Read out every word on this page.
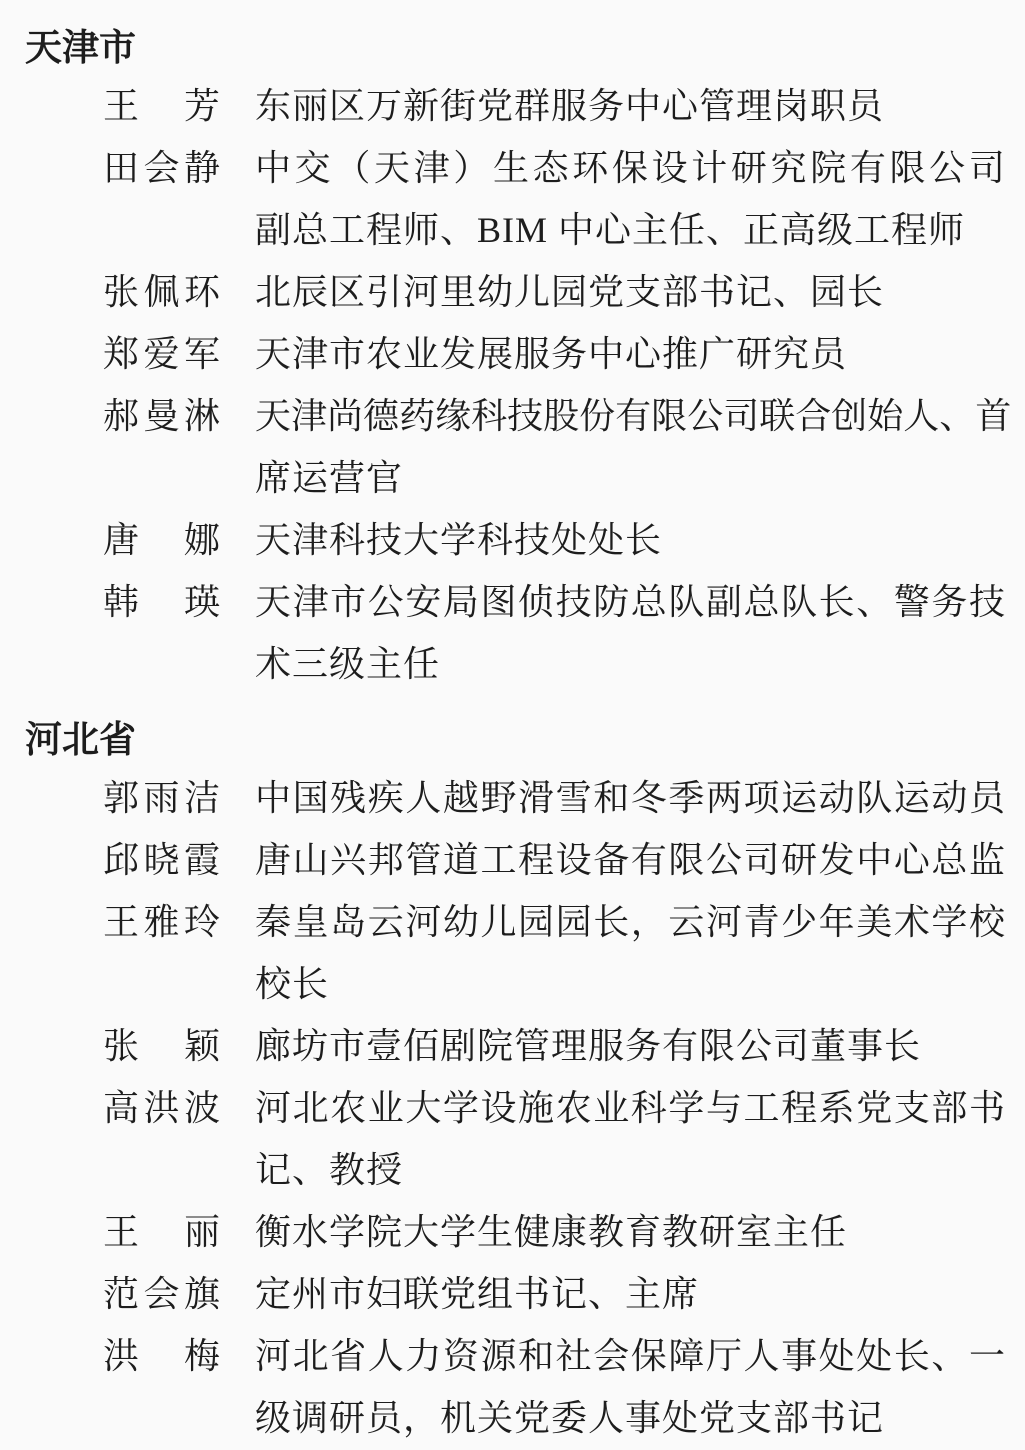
天津市
王 芳 东丽区万新街党群服务中心管理岗职员
田 会 静 中 交 （ 天 津 ） 生 态 环 保 设 计 研 究 院 有 限 公 司
副总工程师、BIM 中心主任、正高级工程师
张 佩 环 北辰区引河里幼儿园党支部书记、园长
郑 爱 军 天津市农业发展服务中心推广研究员
郝 曼 淋 天 津 尚 德 药 缘 科 技 股 份 有 限 公 司 联 合 创 始 人 、 首
席运营官
唐 娜 天津科技大学科技处处长
韩 瑛 天 津 市 公 安 局 图 侦 技 防 总 队 副 总 队 长 、 警 务 技
术三级主任
河北省
郭 雨 洁 中 国 残 疾 人 越 野 滑 雪 和 冬 季 两 项 运 动 队 运 动 员
邱 晓 霞 唐 山 兴 邦 管 道 工 程 设 备 有 限 公 司 研 发 中 心 总 监
王 雅 玲 秦 皇 岛 云 河 幼 儿 园 园 长 ， 云 河 青 少 年 美 术 学 校
校长
张 颖 廊坊市壹佰剧院管理服务有限公司董事长
高 洪 波 河 北 农 业 大 学 设 施 农 业 科 学 与 工 程 系 党 支 部 书
记、教授
王 丽 衡水学院大学生健康教育教研室主任
范 会 旗 定州市妇联党组书记、主席
洪 梅 河 北 省 人 力 资 源 和 社 会 保 障 厅 人 事 处 处 长 、 一
级调研员，机关党委人事处党支部书记
